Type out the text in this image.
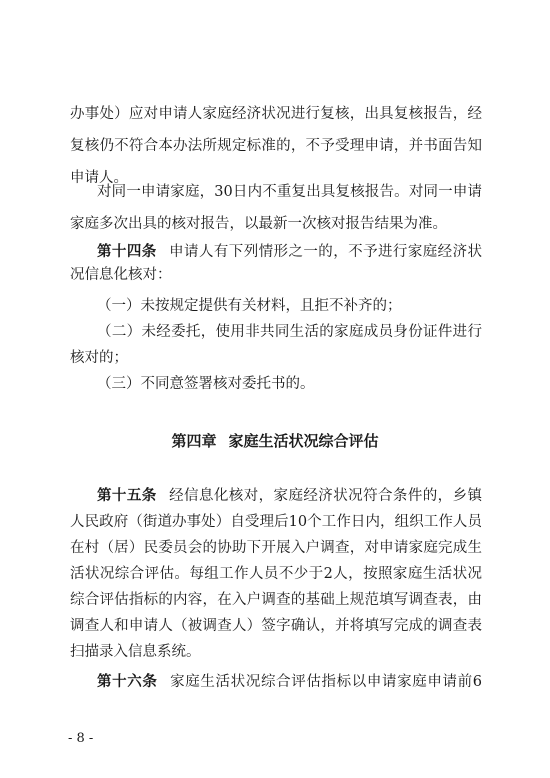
办事处）应对申请人家庭经济状况进行复核，出具复核报告，经
复核仍不符合本办法所规定标准的，不予受理申请，并书面告知
申请人。
对同一申请家庭，30日内不重复出具复核报告。对同一申请
家庭多次出具的核对报告，以最新一次核对报告结果为准。
第十四条 申请人有下列情形之一的，不予进行家庭经济状
况信息化核对：
（一）未按规定提供有关材料，且拒不补齐的；
（二）未经委托，使用非共同生活的家庭成员身份证件进行
核对的；
（三）不同意签署核对委托书的。
第四章 家庭生活状况综合评估
第十五条 经信息化核对，家庭经济状况符合条件的，乡镇
人民政府（街道办事处）自受理后10个工作日内，组织工作人员
在村（居）民委员会的协助下开展入户调查，对申请家庭完成生
活状况综合评估。每组工作人员不少于2人，按照家庭生活状况
综合评估指标的内容，在入户调查的基础上规范填写调查表，由
调查人和申请人（被调查人）签字确认，并将填写完成的调查表
扫描录入信息系统。
第十六条 家庭生活状况综合评估指标以申请家庭申请前6
- 8 -
